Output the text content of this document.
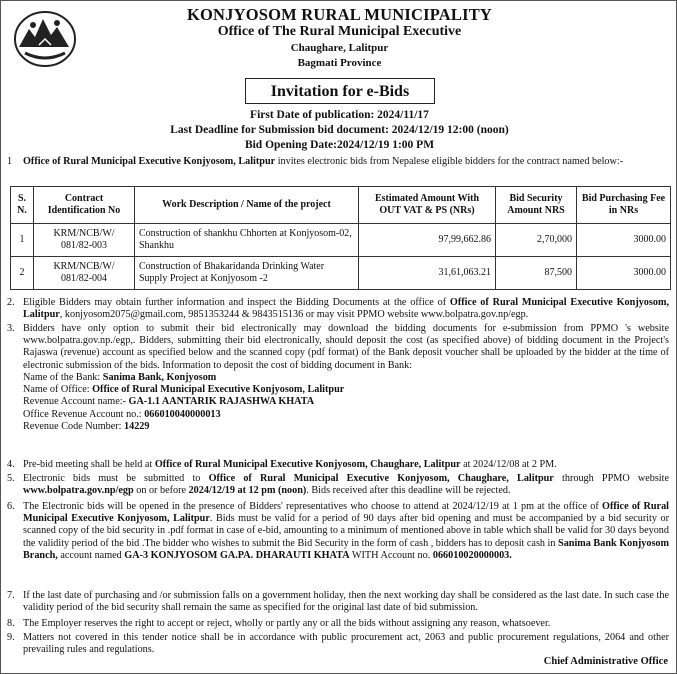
KONJYOSOM RURAL MUNICIPALITY
Office of The Rural Municipal Executive
Chaughare, Lalitpur
Bagmati Province
Invitation for e-Bids
First Date of publication: 2024/11/17
Last Deadline for Submission bid document: 2024/12/19 12:00 (noon)
Bid Opening Date:2024/12/19 1:00 PM
1 Office of Rural Municipal Executive Konjyosom, Lalitpur invites electronic bids from Nepalese eligible bidders for the contract named below:-
S. N.	Contract Identification No	Work Description / Name of the project	Estimated Amount With OUT VAT & PS (NRs)	Bid Security Amount NRS	Bid Purchasing Fee in NRs
1	KRM/NCB/W/ 081/82-003	Construction of shankhu Chhorten at Konjyosom-02, Shankhu	97,99,662.86	2,70,000	3000.00
2	KRM/NCB/W/ 081/82-004	Construction of Bhakaridanda Drinking Water Supply Project at Konjyosom -2	31,61,063.21	87,500	3000.00
2. Eligible Bidders may obtain further information and inspect the Bidding Documents at the office of Office of Rural Municipal Executive Konjyosom, Lalitpur, konjyosom2075@gmail.com, 9851353244 & 9843515136 or may visit PPMO website www.bolpatra.gov.np/egp.
3. Bidders have only option to submit their bid electronically may download the bidding documents for e-submission from PPMO 's website www.bolpatra.gov.np./egp,. Bidders, submitting their bid electronically, should deposit the cost (as specified above) of bidding document in the Project's Rajaswa (revenue) account as specified below and the scanned copy (pdf format) of the Bank deposit voucher shall be uploaded by the bidder at the time of electronic submission of the bids. Information to deposit the cost of bidding document in Bank:
Name of the Bank: Sanima Bank, Konjyosom
Name of Office: Office of Rural Municipal Executive Konjyosom, Lalitpur
Revenue Account name:- GA-1.1 AANTARIK RAJASHWA KHATA
Office Revenue Account no.: 066010040000013
Revenue Code Number: 14229
4. Pre-bid meeting shall be held at Office of Rural Municipal Executive Konjyosom, Chaughare, Lalitpur at 2024/12/08 at 2 PM.
5. Electronic bids must be submitted to Office of Rural Municipal Executive Konjyosom, Chaughare, Lalitpur through PPMO website www.bolpatra.gov.np/egp on or before 2024/12/19 at 12 pm (noon). Bids received after this deadline will be rejected.
6. The Electronic bids will be opened in the presence of Bidders' representatives who choose to attend at 2024/12/19 at 1 pm at the office of Office of Rural Municipal Executive Konjyosom, Lalitpur. Bids must be valid for a period of 90 days after bid opening and must be accompanied by a bid security or scanned copy of the bid security in .pdf format in case of e-bid, amounting to a minimum of mentioned above in table which shall be valid for 30 days beyond the validity period of the bid .The bidder who wishes to submit the Bid Security in the form of cash , bidders has to deposit cash in Sanima Bank Konjyosom Branch, account named GA-3 KONJYOSOM GA.PA. DHARAUTI KHATA WITH Account no. 066010020000003.
7. If the last date of purchasing and /or submission falls on a government holiday, then the next working day shall be considered as the last date. In such case the validity period of the bid security shall remain the same as specified for the original last date of bid submission.
8. The Employer reserves the right to accept or reject, wholly or partly any or all the bids without assigning any reason, whatsoever.
9. Matters not covered in this tender notice shall be in accordance with public procurement act, 2063 and public procurement regulations, 2064 and other prevailing rules and regulations.
Chief Administrative Office
